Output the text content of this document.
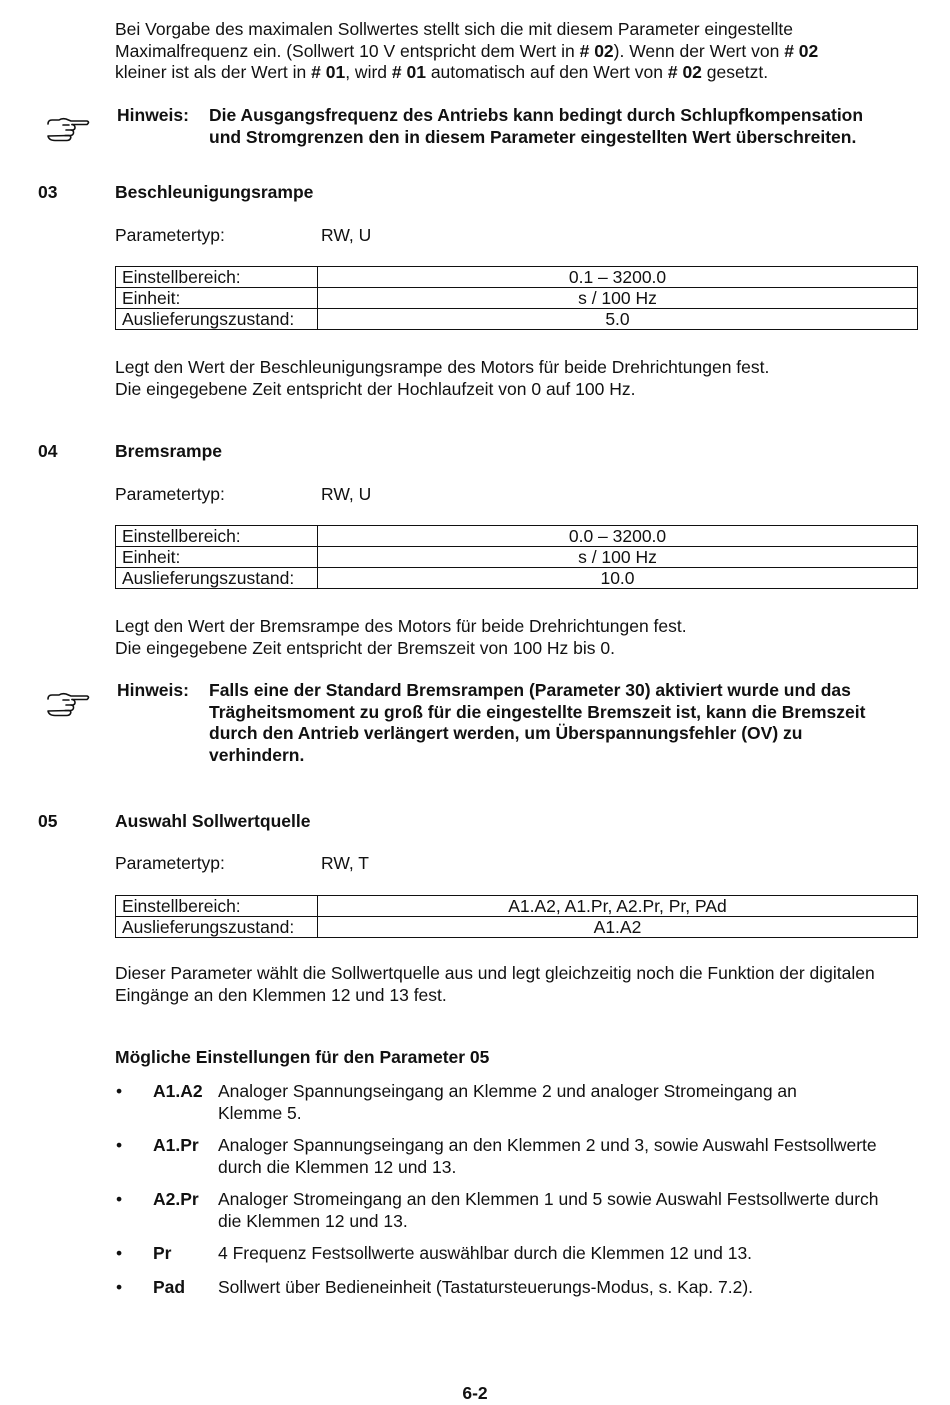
Bei Vorgabe des maximalen Sollwertes stellt sich die mit diesem Parameter eingestellte
Maximalfrequenz ein. (Sollwert 10 V entspricht dem Wert in # 02). Wenn der Wert von # 02
kleiner ist als der Wert in # 01, wird # 01 automatisch auf den Wert von # 02 gesetzt.
Hinweis: Die Ausgangsfrequenz des Antriebs kann bedingt durch Schlupfkompensation
und Stromgrenzen den in diesem Parameter eingestellten Wert überschreiten.
03	Beschleunigungsrampe
Parametertyp:	RW, U
Einstellbereich:	0.1 – 3200.0
Einheit:	s / 100 Hz
Auslieferungszustand:	5.0
Legt den Wert der Beschleunigungsrampe des Motors für beide Drehrichtungen fest.
Die eingegebene Zeit entspricht der Hochlaufzeit von 0 auf 100 Hz.
04	Bremsrampe
Parametertyp:	RW, U
Einstellbereich:	0.0 – 3200.0
Einheit:	s / 100 Hz
Auslieferungszustand:	10.0
Legt den Wert der Bremsrampe des Motors für beide Drehrichtungen fest.
Die eingegebene Zeit entspricht der Bremszeit von 100 Hz bis 0.
Hinweis: Falls eine der Standard Bremsrampen (Parameter 30) aktiviert wurde und das
Trägheitsmoment zu groß für die eingestellte Bremszeit ist, kann die Bremszeit
durch den Antrieb verlängert werden, um Überspannungsfehler (OV) zu
verhindern.
05	Auswahl Sollwertquelle
Parametertyp:	RW, T
Einstellbereich:	A1.A2, A1.Pr, A2.Pr, Pr, PAd
Auslieferungszustand:	A1.A2
Dieser Parameter wählt die Sollwertquelle aus und legt gleichzeitig noch die Funktion der digitalen
Eingänge an den Klemmen 12 und 13 fest.
Mögliche Einstellungen für den Parameter 05
• A1.A2 Analoger Spannungseingang an Klemme 2 und analoger Stromeingang an
Klemme 5.
• A1.Pr Analoger Spannungseingang an den Klemmen 2 und 3, sowie Auswahl Festsollwerte
durch die Klemmen 12 und 13.
• A2.Pr Analoger Stromeingang an den Klemmen 1 und 5 sowie Auswahl Festsollwerte durch
die Klemmen 12 und 13.
• Pr	4 Frequenz Festsollwerte auswählbar durch die Klemmen 12 und 13.
• Pad Sollwert über Bedieneinheit (Tastatursteuerungs-Modus, s. Kap. 7.2).
6-2
